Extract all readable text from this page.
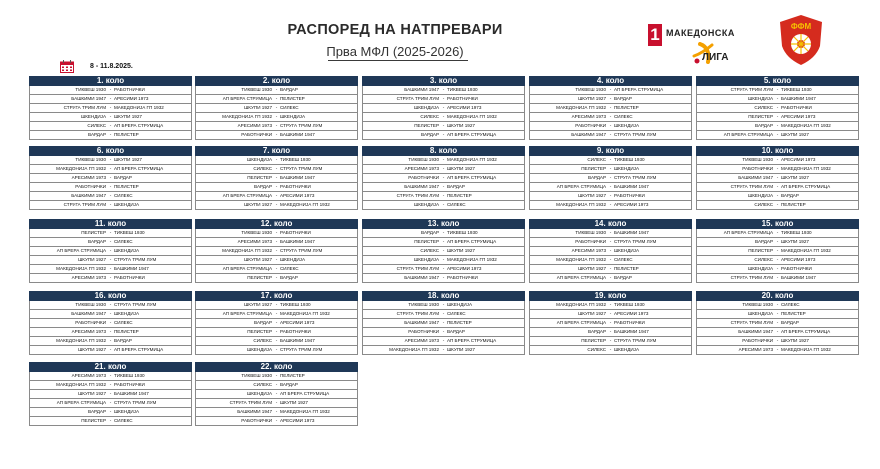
РАСПОРЕД НА НАТПРЕВАРИ
Прва МФЛ (2025-2026)
1 МАКЕДОНСКА
ЛИГА
ФФМ
8 - 11.8.2025.
1. коло
ТИКВЕШ 1930 - РАБОТНИЧКИ
БАШКИМИ 1947 - АРЕСИМИ 1973
СТРУГА ТРИМ ЛУМ - МАКЕДОНИЈА ГП 1932
ШКЕНДИЈА - ШКУПИ 1927
СИЛЕКС - АП БРЕРА СТРУМИЦА
ВАРДАР - ПЕЛИСТЕР
2. коло
ТИКВЕШ 1930 - ВАРДАР
АП БРЕРА СТРУМИЦА - ПЕЛИСТЕР
ШКУПИ 1927 - СИЛЕКС
МАКЕДОНИЈА ГП 1932 - ШКЕНДИЈА
АРЕСИМИ 1973 - СТРУГА ТРИМ ЛУМ
РАБОТНИЧКИ - БАШКИМИ 1947
3. коло
БАШКИМИ 1947 - ТИКВЕШ 1930
СТРУГА ТРИМ ЛУМ - РАБОТНИЧКИ
ШКЕНДИЈА - АРЕСИМИ 1973
СИЛЕКС - МАКЕДОНИЈА ГП 1932
ПЕЛИСТЕР - ШКУПИ 1927
ВАРДАР - АП БРЕРА СТРУМИЦА
4. коло
ТИКВЕШ 1930 - АП БРЕРА СТРУМИЦА
ШКУПИ 1927 - ВАРДАР
МАКЕДОНИЈА ГП 1932 - ПЕЛИСТЕР
АРЕСИМИ 1973 - СИЛЕКС
РАБОТНИЧКИ - ШКЕНДИЈА
БАШКИМИ 1947 - СТРУГА ТРИМ ЛУМ
5. коло
СТРУГА ТРИМ ЛУМ - ТИКВЕШ 1930
ШКЕНДИЈА - БАШКИМИ 1947
СИЛЕКС - РАБОТНИЧКИ
ПЕЛИСТЕР - АРЕСИМИ 1973
ВАРДАР - МАКЕДОНИЈА ГП 1932
АП БРЕРА СТРУМИЦА - ШКУПИ 1927
6. коло
ТИКВЕШ 1930 - ШКУПИ 1927
МАКЕДОНИЈА ГП 1932 - АП БРЕРА СТРУМИЦА
АРЕСИМИ 1973 - ВАРДАР
РАБОТНИЧКИ - ПЕЛИСТЕР
БАШКИМИ 1947 - СИЛЕКС
СТРУГА ТРИМ ЛУМ - ШКЕНДИЈА
7. коло
ШКЕНДИЈА - ТИКВЕШ 1930
СИЛЕКС - СТРУГА ТРИМ ЛУМ
ПЕЛИСТЕР - БАШКИМИ 1947
ВАРДАР - РАБОТНИЧКИ
АП БРЕРА СТРУМИЦА - АРЕСИМИ 1973
ШКУПИ 1927 - МАКЕДОНИЈА ГП 1932
8. коло
ТИКВЕШ 1930 - МАКЕДОНИЈА ГП 1932
АРЕСИМИ 1973 - ШКУПИ 1927
РАБОТНИЧКИ - АП БРЕРА СТРУМИЦА
БАШКИМИ 1947 - ВАРДАР
СТРУГА ТРИМ ЛУМ - ПЕЛИСТЕР
ШКЕНДИЈА - СИЛЕКС
9. коло
СИЛЕКС - ТИКВЕШ 1930
ПЕЛИСТЕР - ШКЕНДИЈА
ВАРДАР - СТРУГА ТРИМ ЛУМ
АП БРЕРА СТРУМИЦА - БАШКИМИ 1947
ШКУПИ 1927 - РАБОТНИЧКИ
МАКЕДОНИЈА ГП 1932 - АРЕСИМИ 1973
10. коло
ТИКВЕШ 1930 - АРЕСИМИ 1973
РАБОТНИЧКИ - МАКЕДОНИЈА ГП 1932
БАШКИМИ 1947 - ШКУПИ 1927
СТРУГА ТРИМ ЛУМ - АП БРЕРА СТРУМИЦА
ШКЕНДИЈА - ВАРДАР
СИЛЕКС - ПЕЛИСТЕР
11. коло
ПЕЛИСТЕР - ТИКВЕШ 1930
ВАРДАР - СИЛЕКС
АП БРЕРА СТРУМИЦА - ШКЕНДИЈА
ШКУПИ 1927 - СТРУГА ТРИМ ЛУМ
МАКЕДОНИЈА ГП 1932 - БАШКИМИ 1947
АРЕСИМИ 1973 - РАБОТНИЧКИ
12. коло
ТИКВЕШ 1930 - РАБОТНИЧКИ
АРЕСИМИ 1973 - БАШКИМИ 1947
МАКЕДОНИЈА ГП 1932 - СТРУГА ТРИМ ЛУМ
ШКУПИ 1927 - ШКЕНДИЈА
АП БРЕРА СТРУМИЦА - СИЛЕКС
ПЕЛИСТЕР - ВАРДАР
13. коло
ВАРДАР - ТИКВЕШ 1930
ПЕЛИСТЕР - АП БРЕРА СТРУМИЦА
СИЛЕКС - ШКУПИ 1927
ШКЕНДИЈА - МАКЕДОНИЈА ГП 1932
СТРУГА ТРИМ ЛУМ - АРЕСИМИ 1973
БАШКИМИ 1947 - РАБОТНИЧКИ
14. коло
ТИКВЕШ 1930 - БАШКИМИ 1947
РАБОТНИЧКИ - СТРУГА ТРИМ ЛУМ
АРЕСИМИ 1973 - ШКЕНДИЈА
МАКЕДОНИЈА ГП 1932 - СИЛЕКС
ШКУПИ 1927 - ПЕЛИСТЕР
АП БРЕРА СТРУМИЦА - ВАРДАР
15. коло
АП БРЕРА СТРУМИЦА - ТИКВЕШ 1930
ВАРДАР - ШКУПИ 1927
ПЕЛИСТЕР - МАКЕДОНИЈА ГП 1932
СИЛЕКС - АРЕСИМИ 1973
ШКЕНДИЈА - РАБОТНИЧКИ
СТРУГА ТРИМ ЛУМ - БАШКИМИ 1947
16. коло
ТИКВЕШ 1930 - СТРУГА ТРИМ ЛУМ
БАШКИМИ 1947 - ШКЕНДИЈА
РАБОТНИЧКИ - СИЛЕКС
АРЕСИМИ 1973 - ПЕЛИСТЕР
МАКЕДОНИЈА ГП 1932 - ВАРДАР
ШКУПИ 1927 - АП БРЕРА СТРУМИЦА
17. коло
ШКУПИ 1927 - ТИКВЕШ 1930
АП БРЕРА СТРУМИЦА - МАКЕДОНИЈА ГП 1932
ВАРДАР - АРЕСИМИ 1973
ПЕЛИСТЕР - РАБОТНИЧКИ
СИЛЕКС - БАШКИМИ 1947
ШКЕНДИЈА - СТРУГА ТРИМ ЛУМ
18. коло
ТИКВЕШ 1930 - ШКЕНДИЈА
СТРУГА ТРИМ ЛУМ - СИЛЕКС
БАШКИМИ 1947 - ПЕЛИСТЕР
РАБОТНИЧКИ - ВАРДАР
АРЕСИМИ 1973 - АП БРЕРА СТРУМИЦА
МАКЕДОНИЈА ГП 1932 - ШКУПИ 1927
19. коло
МАКЕДОНИЈА ГП 1932 - ТИКВЕШ 1930
ШКУПИ 1927 - АРЕСИМИ 1973
АП БРЕРА СТРУМИЦА - РАБОТНИЧКИ
ВАРДАР - БАШКИМИ 1947
ПЕЛИСТЕР - СТРУГА ТРИМ ЛУМ
СИЛЕКС - ШКЕНДИЈА
20. коло
ТИКВЕШ 1930 - СИЛЕКС
ШКЕНДИЈА - ПЕЛИСТЕР
СТРУГА ТРИМ ЛУМ - ВАРДАР
БАШКИМИ 1947 - АП БРЕРА СТРУМИЦА
РАБОТНИЧКИ - ШКУПИ 1927
АРЕСИМИ 1973 - МАКЕДОНИЈА ГП 1932
21. коло
АРЕСИМИ 1973 - ТИКВЕШ 1930
МАКЕДОНИЈА ГП 1932 - РАБОТНИЧКИ
ШКУПИ 1927 - БАШКИМИ 1947
АП БРЕРА СТРУМИЦА - СТРУГА ТРИМ ЛУМ
ВАРДАР - ШКЕНДИЈА
ПЕЛИСТЕР - СИЛЕКС
22. коло
ТИКВЕШ 1930 - ПЕЛИСТЕР
СИЛЕКС - ВАРДАР
ШКЕНДИЈА - АП БРЕРА СТРУМИЦА
СТРУГА ТРИМ ЛУМ - ШКУПИ 1927
БАШКИМИ 1947 - МАКЕДОНИЈА ГП 1932
РАБОТНИЧКИ - АРЕСИМИ 1973
